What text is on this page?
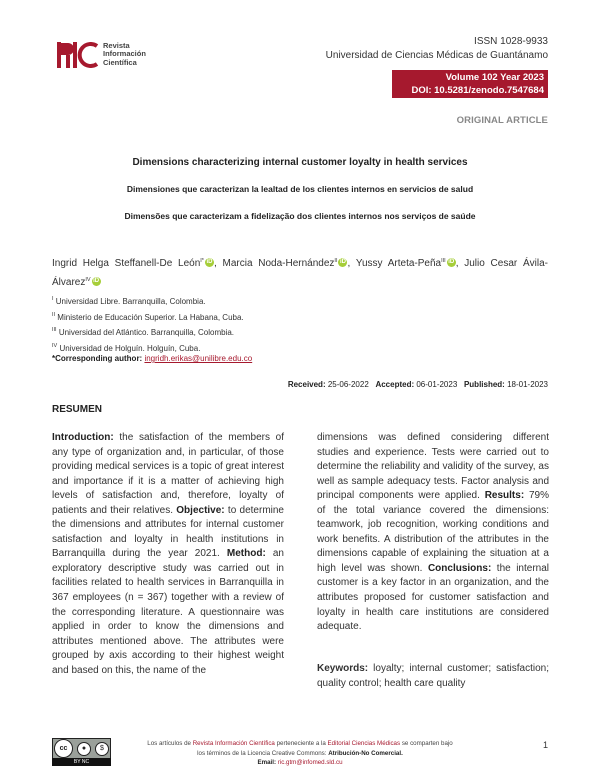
Revista
Información
Científica
ISSN 1028-9933
Universidad de Ciencias Médicas de Guantánamo
Volume 102 Year 2023
DOI: 10.5281/zenodo.7547684
ORIGINAL ARTICLE
Dimensions characterizing internal customer loyalty in health services
Dimensiones que caracterizan la lealtad de los clientes internos en servicios de salud
Dimensões que caracterizam a fidelização dos clientes internos nos serviços de saúde
Ingrid Helga Steffanell-De León$^{I*}$ iD , Marcia Noda-Hernández$^{II}$ iD , Yussy Arteta-Peña$^{III}$ iD , Julio Cesar Ávila-Álvarez$^{IV}$ iD
$^I$ Universidad Libre. Barranquilla, Colombia.
$^{II}$ Ministerio de Educación Superior. La Habana, Cuba.
$^{III}$ Universidad del Atlántico. Barranquilla, Colombia.
$^{IV}$ Universidad de Holguín. Holguín, Cuba.
*Corresponding author: ingridh.erikas@unilibre.edu.co
Received: 25-06-2022 Accepted: 06-01-2023 Published: 18-01-2023
RESUMEN
Introduction: the satisfaction of the members of any type of organization and, in particular, of those providing medical services is a topic of great interest and importance if it is a matter of achieving high levels of satisfaction and, therefore, loyalty of patients and their relatives. Objective: to determine the dimensions and attributes for internal customer satisfaction and loyalty in health institutions in Barranquilla during the year 2021. Method: an exploratory descriptive study was carried out in facilities related to health services in Barranquilla in 367 employees (n = 367) together with a review of the corresponding literature. A questionnaire was applied in order to know the dimensions and attributes mentioned above. The attributes were grouped by axis according to their highest weight and based on this, the name of the
dimensions was defined considering different studies and experience. Tests were carried out to determine the reliability and validity of the survey, as well as sample adequacy tests. Factor analysis and principal components were applied. Results: 79% of the total variance covered the dimensions: teamwork, job recognition, working conditions and work benefits. A distribution of the attributes in the dimensions capable of explaining the situation at a high level was shown. Conclusions: the internal customer is a key factor in an organization, and the attributes proposed for customer satisfaction and loyalty in health care institutions are considered adequate.
Keywords: loyalty; internal customer; satisfaction; quality control; health care quality
cc	●	$
BY NC
Los artículos de Revista Información Científica perteneciente a la Editorial Ciencias Médicas se comparten bajo
los términos de la Licencia Creative Commons: Atribución-No Comercial.
Email: ric.gtm@infomed.sld.cu
1
